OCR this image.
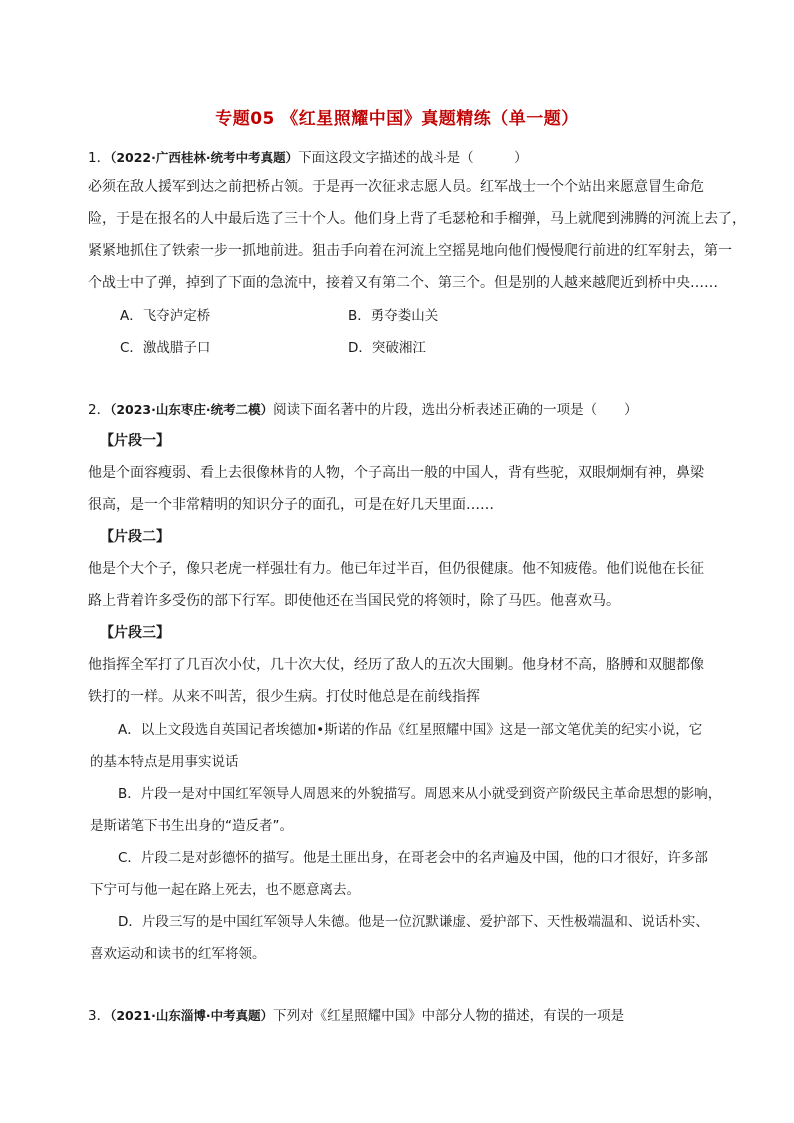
专题05 《红星照耀中国》真题精练（单一题）
1．（2022·广西桂林·统考中考真题）下面这段文字描述的战斗是（　　　）
必须在敌人援军到达之前把桥占领。于是再一次征求志愿人员。红军战士一个个站出来愿意冒生命危
险，于是在报名的人中最后选了三十个人。他们身上背了毛瑟枪和手榴弹，马上就爬到沸腾的河流上去了，
紧紧地抓住了铁索一步一抓地前进。狙击手向着在河流上空摇晃地向他们慢慢爬行前进的红军射去，第一
个战士中了弹，掉到了下面的急流中，接着又有第二个、第三个。但是别的人越来越爬近到桥中央……
A．飞夺泸定桥	B．勇夺娄山关
C．激战腊子口	D．突破湘江
2．（2023·山东枣庄·统考二模）阅读下面名著中的片段，选出分析表述正确的一项是（　　）
【片段一】
他是个面容瘦弱、看上去很像林肯的人物，个子高出一般的中国人，背有些驼，双眼炯炯有神，鼻梁
很高，是一个非常精明的知识分子的面孔，可是在好几天里面……
【片段二】
他是个大个子，像只老虎一样强壮有力。他已年过半百，但仍很健康。他不知疲倦。他们说他在长征
路上背着许多受伤的部下行军。即使他还在当国民党的将领时，除了马匹。他喜欢马。
【片段三】
他指挥全军打了几百次小仗，几十次大仗，经历了敌人的五次大围剿。他身材不高，胳膊和双腿都像
铁打的一样。从来不叫苦，很少生病。打仗时他总是在前线指挥
A．以上文段选自英国记者埃德加•斯诺的作品《红星照耀中国》这是一部文笔优美的纪实小说，它
的基本特点是用事实说话
B．片段一是对中国红军领导人周恩来的外貌描写。周恩来从小就受到资产阶级民主革命思想的影响，
是斯诺笔下书生出身的“造反者”。
C．片段二是对彭德怀的描写。他是土匪出身，在哥老会中的名声遍及中国，他的口才很好，许多部
下宁可与他一起在路上死去，也不愿意离去。
D．片段三写的是中国红军领导人朱德。他是一位沉默谦虚、爱护部下、天性极端温和、说话朴实、
喜欢运动和读书的红军将领。
3．（2021·山东淄博·中考真题）下列对《红星照耀中国》中部分人物的描述，有误的一项是
